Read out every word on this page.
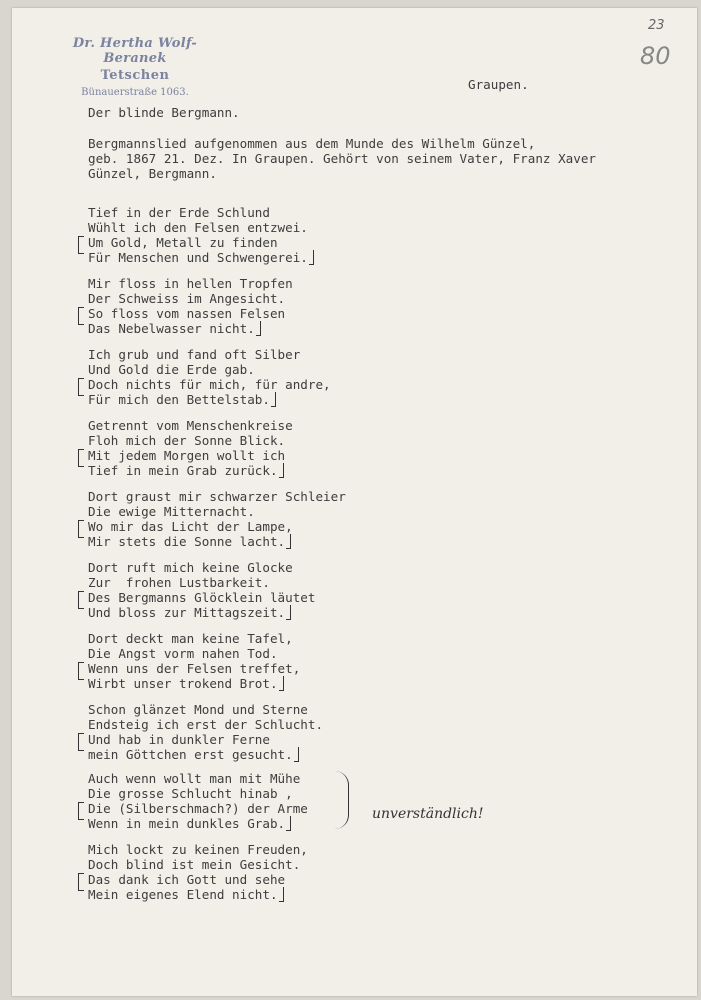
Dr. Hertha Wolf-Beranek
Tetschen
Bünauerstraße 1063.
23
80
Graupen.
Der blinde Bergmann.
Bergmannslied aufgenommen aus dem Munde des Wilhelm Günzel,
geb. 1867 21. Dez. In Graupen. Gehört von seinem Vater, Franz Xaver
Günzel, Bergmann.
Tief in der Erde Schlund
Wühlt ich den Felsen entzwei.
Um Gold, Metall zu finden
Für Menschen und Schwengerei.
Mir floss in hellen Tropfen
Der Schweiss im Angesicht.
So floss vom nassen Felsen
Das Nebelwasser nicht.
Ich grub und fand oft Silber
Und Gold die Erde gab.
Doch nichts für mich, für andre,
Für mich den Bettelstab.
Getrennt vom Menschenkreise
Floh mich der Sonne Blick.
Mit jedem Morgen wollt ich
Tief in mein Grab zurück.
Dort graust mir schwarzer Schleier
Die ewige Mitternacht.
Wo mir das Licht der Lampe,
Mir stets die Sonne lacht.
Dort ruft mich keine Glocke
Zur  frohen Lustbarkeit.
Des Bergmanns Glöcklein läutet
Und bloss zur Mittagszeit.
Dort deckt man keine Tafel,
Die Angst vorm nahen Tod.
Wenn uns der Felsen treffet,
Wirbt unser trokend Brot.
Schon glänzet Mond und Sterne
Endsteig ich erst der Schlucht.
Und hab in dunkler Ferne
mein Göttchen erst gesucht.
Auch wenn wollt man mit Mühe
Die grosse Schlucht hinab ,
Die (Silberschmach?) der Arme
Wenn in mein dunkles Grab.
Mich lockt zu keinen Freuden,
Doch blind ist mein Gesicht.
Das dank ich Gott und sehe
Mein eigenes Elend nicht.
unverständlich!
